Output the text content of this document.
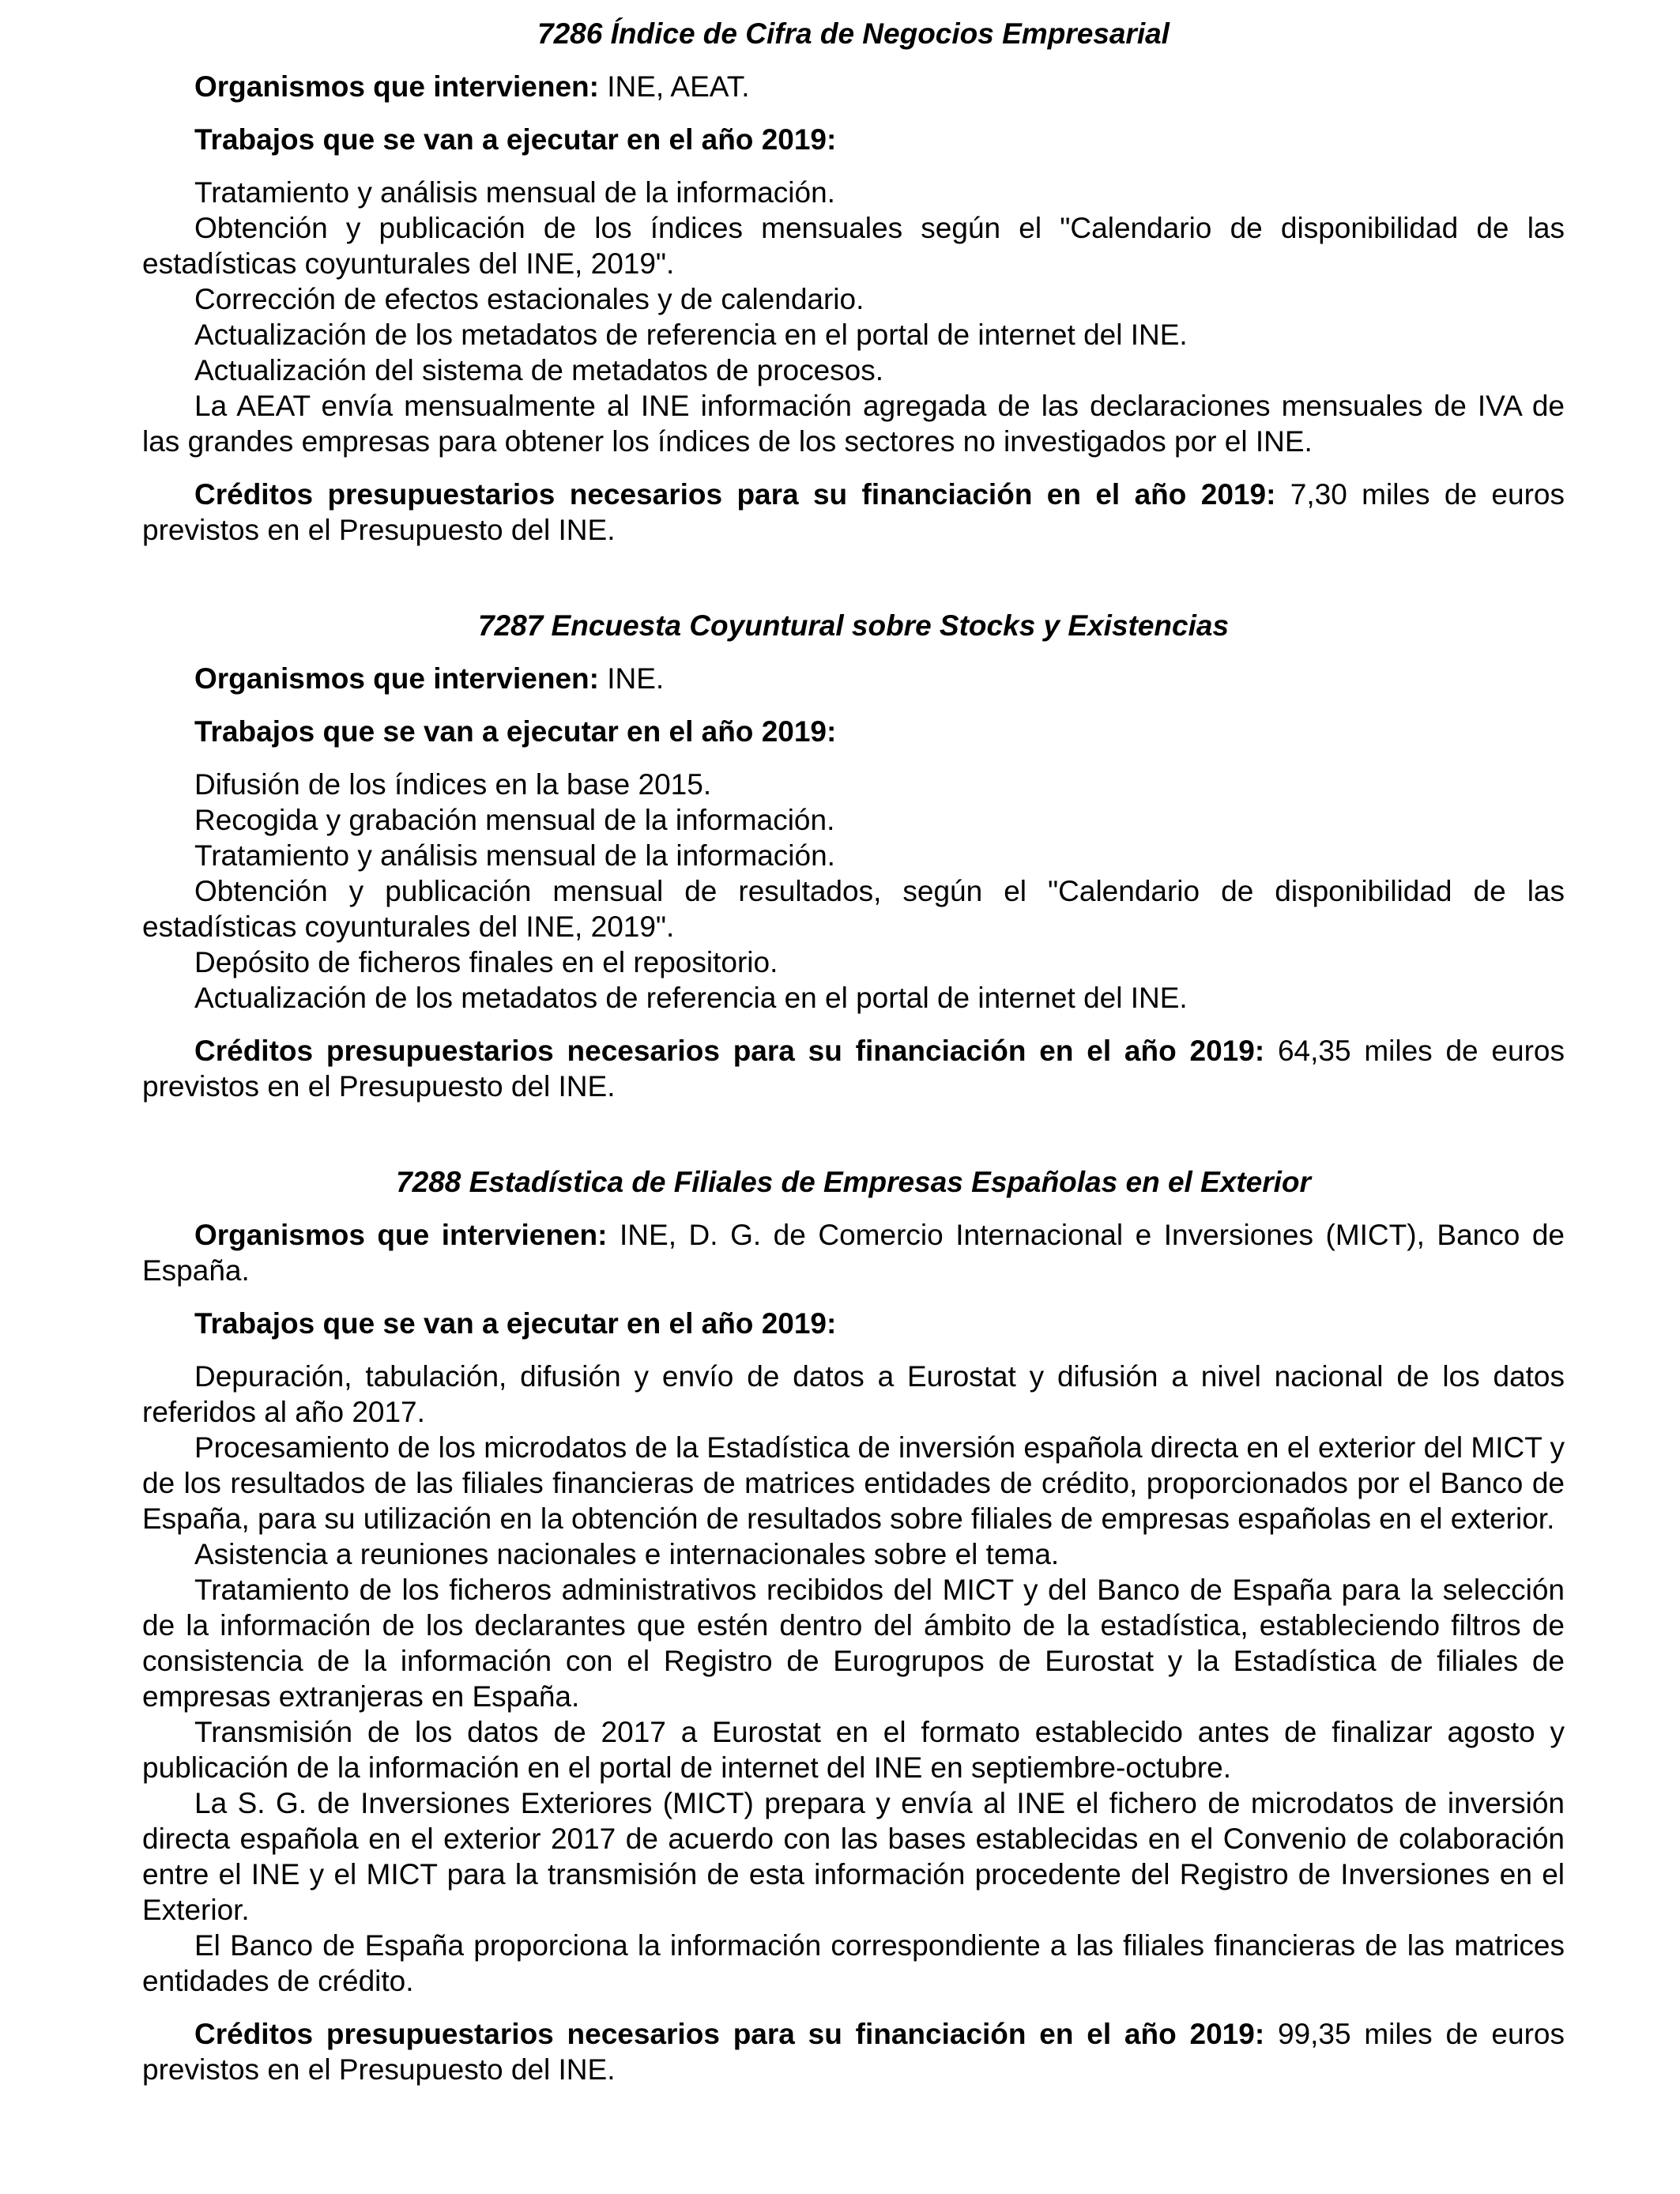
7286 Índice de Cifra de Negocios Empresarial

Organismos que intervienen: INE, AEAT.

Trabajos que se van a ejecutar en el año 2019:

Tratamiento y análisis mensual de la información.

Obtención y publicación de los índices mensuales según el "Calendario de disponibilidad de las estadísticas coyunturales del INE, 2019".

Corrección de efectos estacionales y de calendario.

Actualización de los metadatos de referencia en el portal de internet del INE.

Actualización del sistema de metadatos de procesos.

La AEAT envía mensualmente al INE información agregada de las declaraciones mensuales de IVA de las grandes empresas para obtener los índices de los sectores no investigados por el INE.

Créditos presupuestarios necesarios para su financiación en el año 2019: 7,30 miles de euros previstos en el Presupuesto del INE.

7287 Encuesta Coyuntural sobre Stocks y Existencias

Organismos que intervienen: INE.

Trabajos que se van a ejecutar en el año 2019:

Difusión de los índices en la base 2015.

Recogida y grabación mensual de la información.

Tratamiento y análisis mensual de la información.

Obtención y publicación mensual de resultados, según el "Calendario de disponibilidad de las estadísticas coyunturales del INE, 2019".

Depósito de ficheros finales en el repositorio.

Actualización de los metadatos de referencia en el portal de internet del INE.

Créditos presupuestarios necesarios para su financiación en el año 2019: 64,35 miles de euros previstos en el Presupuesto del INE.

7288 Estadística de Filiales de Empresas Españolas en el Exterior

Organismos que intervienen: INE, D. G. de Comercio Internacional e Inversiones (MICT), Banco de España.

Trabajos que se van a ejecutar en el año 2019:

Depuración, tabulación, difusión y envío de datos a Eurostat y difusión a nivel nacional de los datos referidos al año 2017.

Procesamiento de los microdatos de la Estadística de inversión española directa en el exterior del MICT y de los resultados de las filiales financieras de matrices entidades de crédito, proporcionados por el Banco de España, para su utilización en la obtención de resultados sobre filiales de empresas españolas en el exterior.

Asistencia a reuniones nacionales e internacionales sobre el tema.

Tratamiento de los ficheros administrativos recibidos del MICT y del Banco de España para la selección de la información de los declarantes que estén dentro del ámbito de la estadística, estableciendo filtros de consistencia de la información con el Registro de Eurogrupos de Eurostat y la Estadística de filiales de empresas extranjeras en España.

Transmisión de los datos de 2017 a Eurostat en el formato establecido antes de finalizar agosto y publicación de la información en el portal de internet del INE en septiembre-octubre.

La S. G. de Inversiones Exteriores (MICT) prepara y envía al INE el fichero de microdatos de inversión directa española en el exterior 2017 de acuerdo con las bases establecidas en el Convenio de colaboración entre el INE y el MICT para la transmisión de esta información procedente del Registro de Inversiones en el Exterior.

El Banco de España proporciona la información correspondiente a las filiales financieras de las matrices entidades de crédito.

Créditos presupuestarios necesarios para su financiación en el año 2019: 99,35 miles de euros previstos en el Presupuesto del INE.
